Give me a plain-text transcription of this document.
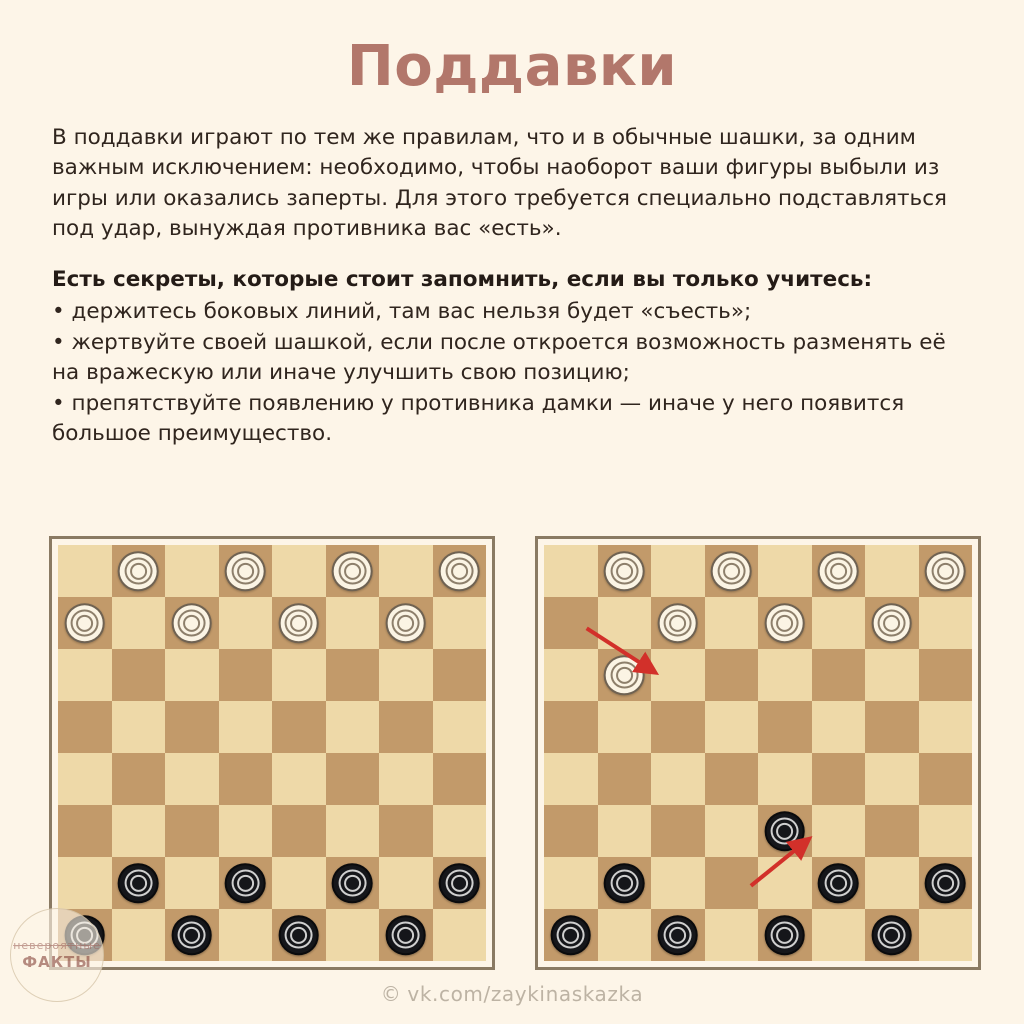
Поддавки

В поддавки играют по тем же правилам, что и в обычные шашки, за одним важным исключением: необходимо, чтобы наоборот ваши фигуры выбыли из игры или оказались заперты. Для этого требуется специально подставляться под удар, вынуждая противника вас «есть».

Есть секреты, которые стоит запомнить, если вы только учитесь:

• держитесь боковых линий, там вас нельзя будет «съесть»;

• жертвуйте своей шашкой, если после откроется возможность разменять её на вражескую или иначе улучшить свою позицию;

• препятствуйте появлению у противника дамки — иначе у него появится большое преимущество.

невероятные
ФАКТЫ
© vk.com/zaykinaskazka
